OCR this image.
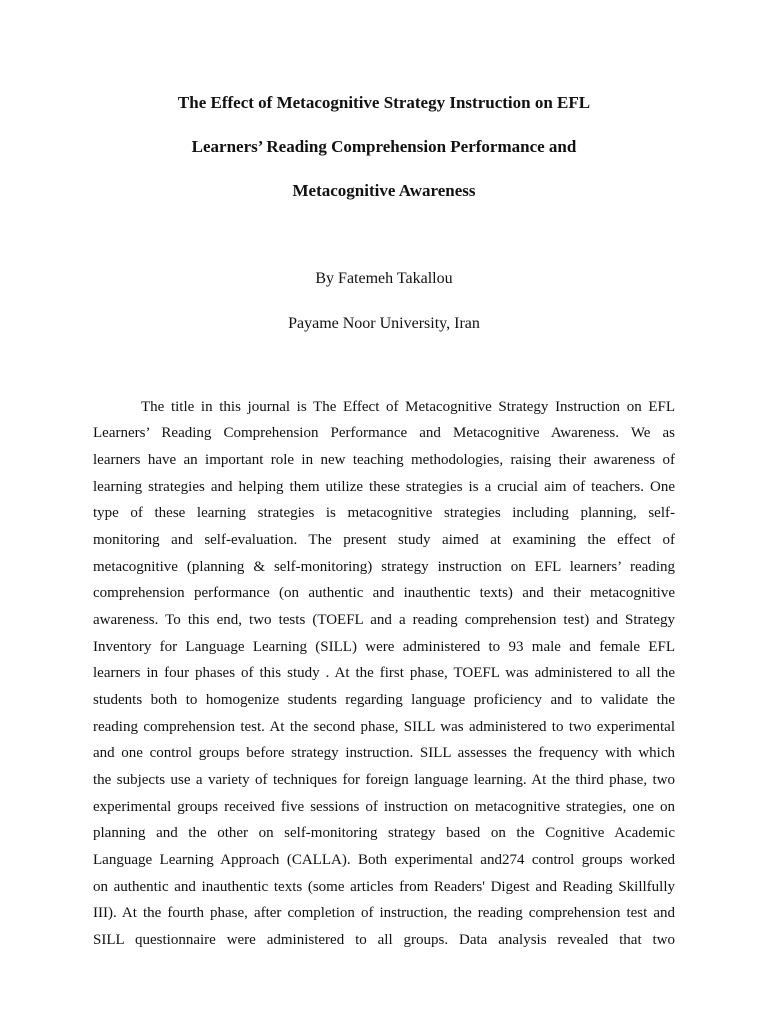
The Effect of Metacognitive Strategy Instruction on EFL
Learners’ Reading Comprehension Performance and
Metacognitive Awareness
By Fatemeh Takallou
Payame Noor University, Iran
The title in this journal is The Effect of Metacognitive Strategy Instruction on EFL
Learners’ Reading Comprehension Performance and Metacognitive Awareness. We as
learners have an important role in new teaching methodologies, raising their awareness of
learning strategies and helping them utilize these strategies is a crucial aim of teachers. One
type of these learning strategies is metacognitive strategies including planning, self-
monitoring and self-evaluation. The present study aimed at examining the effect of
metacognitive (planning & self-monitoring) strategy instruction on EFL learners’ reading
comprehension performance (on authentic and inauthentic texts) and their metacognitive
awareness. To this end, two tests (TOEFL and a reading comprehension test) and Strategy
Inventory for Language Learning (SILL) were administered to 93 male and female EFL
learners in four phases of this study . At the first phase, TOEFL was administered to all the
students both to homogenize students regarding language proficiency and to validate the
reading comprehension test. At the second phase, SILL was administered to two experimental
and one control groups before strategy instruction. SILL assesses the frequency with which
the subjects use a variety of techniques for foreign language learning. At the third phase, two
experimental groups received five sessions of instruction on metacognitive strategies, one on
planning and the other on self-monitoring strategy based on the Cognitive Academic
Language Learning Approach (CALLA). Both experimental and274 control groups worked
on authentic and inauthentic texts (some articles from Readers' Digest and Reading Skillfully
III). At the fourth phase, after completion of instruction, the reading comprehension test and
SILL questionnaire were administered to all groups. Data analysis revealed that two
